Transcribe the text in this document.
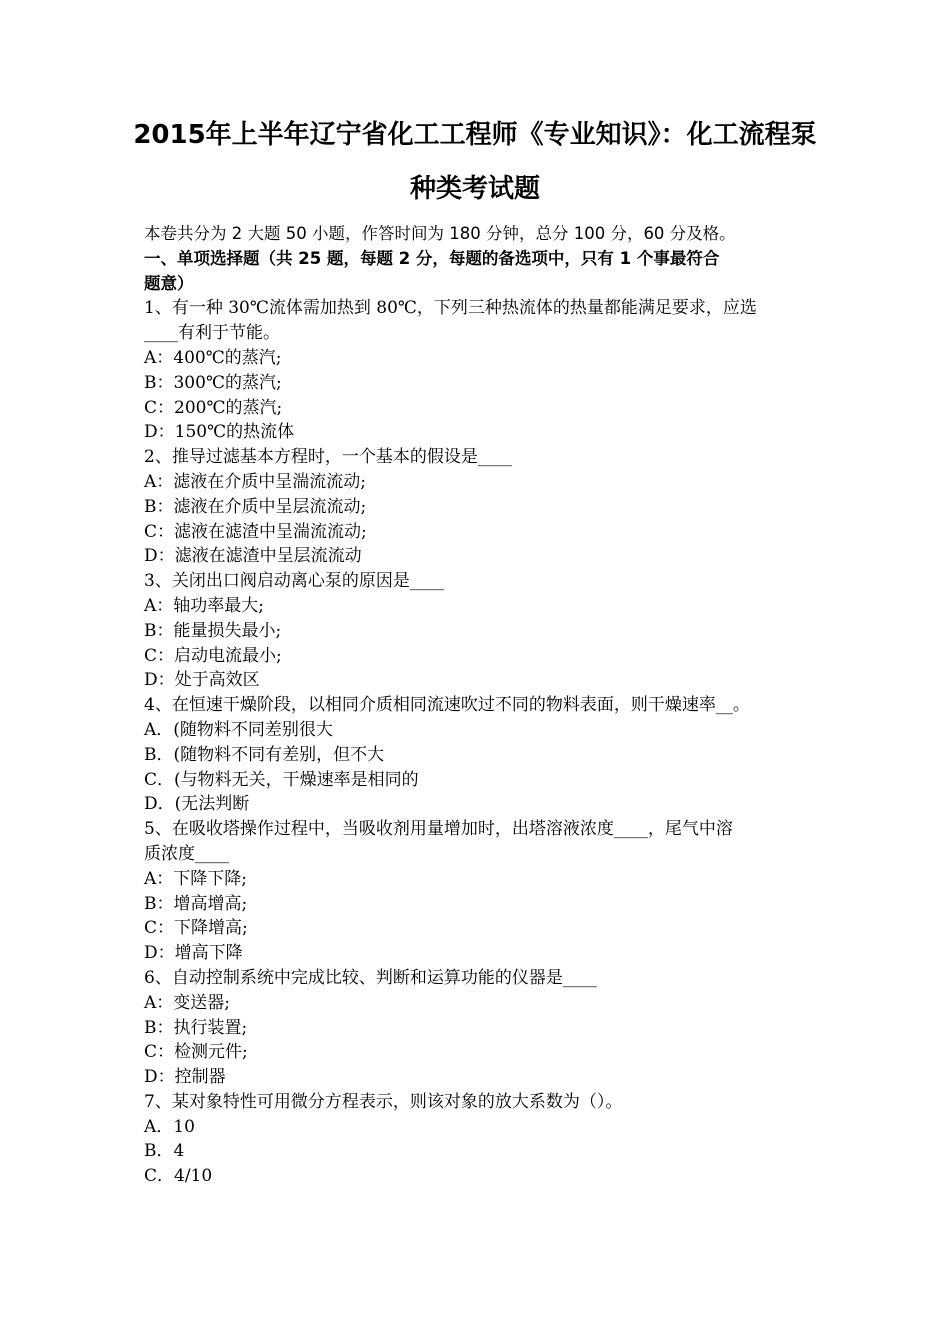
2015年上半年辽宁省化工工程师《专业知识》：化工流程泵
种类考试题
本卷共分为 2 大题 50 小题，作答时间为 180 分钟，总分 100 分，60 分及格。
一、单项选择题（共 25 题，每题 2 分，每题的备选项中，只有 1 个事最符合
题意）
1、有一种 30℃流体需加热到 80℃，下列三种热流体的热量都能满足要求，应选
____有利于节能。
A：400℃的蒸汽;
B：300℃的蒸汽;
C：200℃的蒸汽;
D：150℃的热流体
2、推导过滤基本方程时，一个基本的假设是____
A：滤液在介质中呈湍流流动;
B：滤液在介质中呈层流流动;
C：滤液在滤渣中呈湍流流动;
D：滤液在滤渣中呈层流流动
3、关闭出口阀启动离心泵的原因是____
A：轴功率最大;
B：能量损失最小;
C：启动电流最小;
D：处于高效区
4、在恒速干燥阶段，以相同介质相同流速吹过不同的物料表面，则干燥速率__。
A．(随物料不同差别很大
B．(随物料不同有差别，但不大
C．(与物料无关，干燥速率是相同的
D．(无法判断
5、在吸收塔操作过程中，当吸收剂用量增加时，出塔溶液浓度____，尾气中溶
质浓度____
A：下降下降;
B：增高增高;
C：下降增高;
D：增高下降
6、自动控制系统中完成比较、判断和运算功能的仪器是____
A：变送器;
B：执行装置;
C：检测元件;
D：控制器
7、某对象特性可用微分方程表示，则该对象的放大系数为（）。
A．10
B．4
C．4/10
